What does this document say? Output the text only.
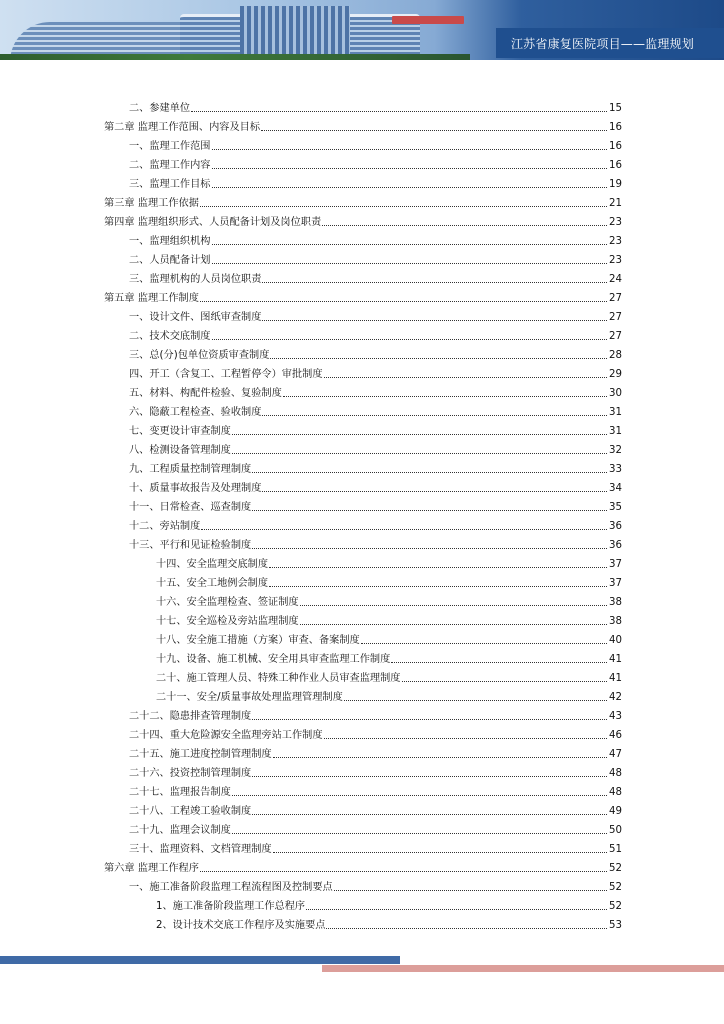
江苏省康复医院项目——监理规划
二、参建单位	15
第二章 监理工作范围、内容及目标	16
一、监理工作范围	16
二、监理工作内容	16
三、监理工作目标	19
第三章 监理工作依据	21
第四章 监理组织形式、人员配备计划及岗位职责	23
一、监理组织机构	23
二、人员配备计划	23
三、监理机构的人员岗位职责	24
第五章 监理工作制度	27
一、设计文件、图纸审查制度	27
二、技术交底制度	27
三、总(分)包单位资质审查制度	28
四、开工（含复工、工程暂停令）审批制度	29
五、材料、构配件检验、复验制度	30
六、隐蔽工程检查、验收制度	31
七、变更设计审查制度	31
八、检测设备管理制度	32
九、工程质量控制管理制度	33
十、质量事故报告及处理制度	34
十一、日常检查、巡查制度	35
十二、旁站制度	36
十三、平行和见证检验制度	36
十四、安全监理交底制度	37
十五、安全工地例会制度	37
十六、安全监理检查、签证制度	38
十七、安全巡检及旁站监理制度	38
十八、安全施工措施（方案）审查、备案制度	40
十九、设备、施工机械、安全用具审查监理工作制度	41
二十、施工管理人员、特殊工种作业人员审查监理制度	41
二十一、安全/质量事故处理监理管理制度	42
二十二、隐患排查管理制度	43
二十四、重大危险源安全监理旁站工作制度	46
二十五、施工进度控制管理制度	47
二十六、投资控制管理制度	48
二十七、监理报告制度	48
二十八、工程竣工验收制度	49
二十九、监理会议制度	50
三十、监理资料、文档管理制度	51
第六章 监理工作程序	52
一、施工准备阶段监理工程流程图及控制要点	52
1、施工准备阶段监理工作总程序	52
2、设计技术交底工作程序及实施要点	53
